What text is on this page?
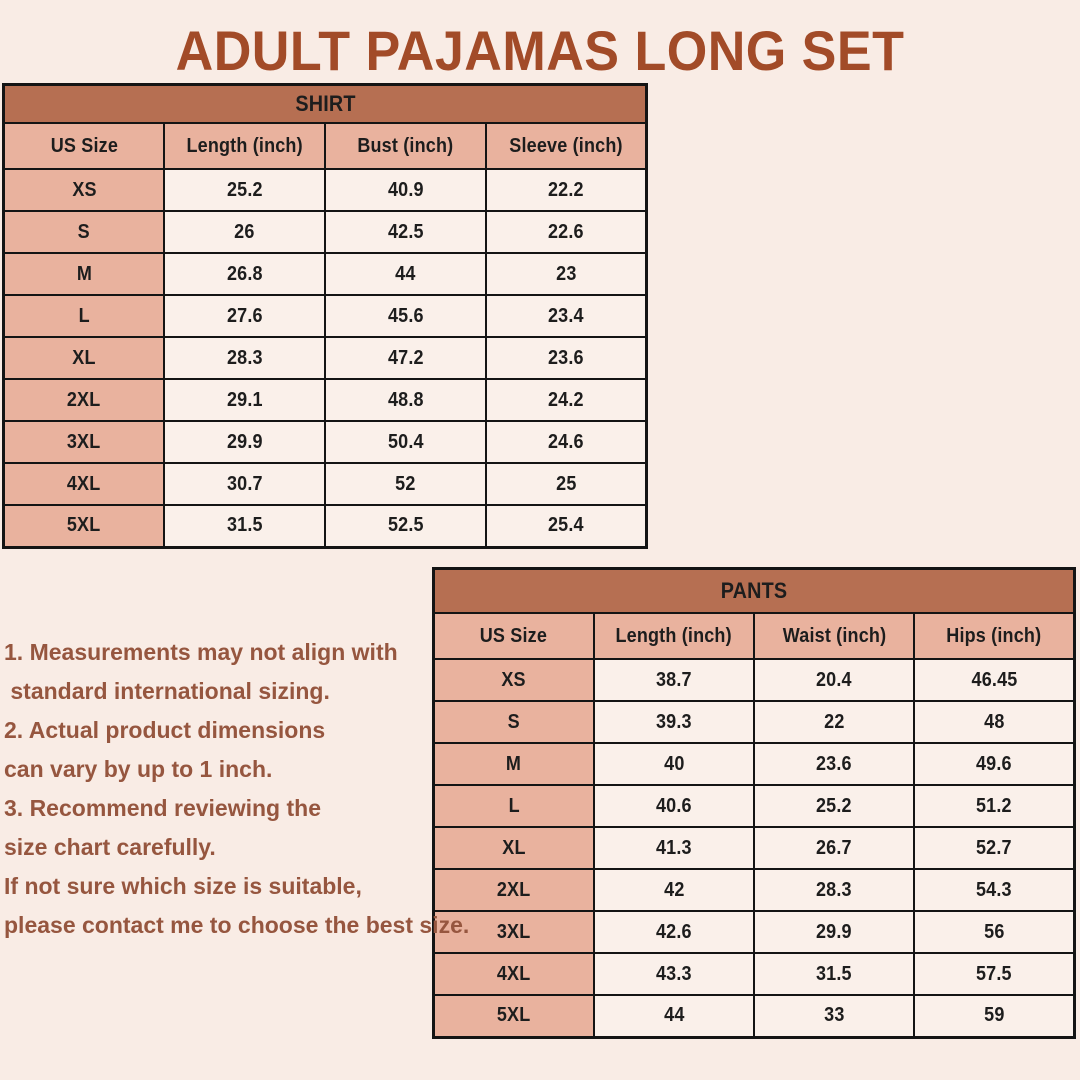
ADULT PAJAMAS LONG SET
SHIRT			
US Size	Length (inch)	Bust (inch)	Sleeve (inch)
XS	25.2	40.9	22.2
S	26	42.5	22.6
M	26.8	44	23
L	27.6	45.6	23.4
XL	28.3	47.2	23.6
2XL	29.1	48.8	24.2
3XL	29.9	50.4	24.6
4XL	30.7	52	25
5XL	31.5	52.5	25.4
PANTS			
US Size	Length (inch)	Waist (inch)	Hips (inch)
XS	38.7	20.4	46.45
S	39.3	22	48
M	40	23.6	49.6
L	40.6	25.2	51.2
XL	41.3	26.7	52.7
2XL	42	28.3	54.3
3XL	42.6	29.9	56
4XL	43.3	31.5	57.5
5XL	44	33	59
1. Measurements may not align with
standard international sizing.
2. Actual product dimensions
can vary by up to 1 inch.
3. Recommend reviewing the
size chart carefully.
If not sure which size is suitable,
please contact me to choose the best size.
